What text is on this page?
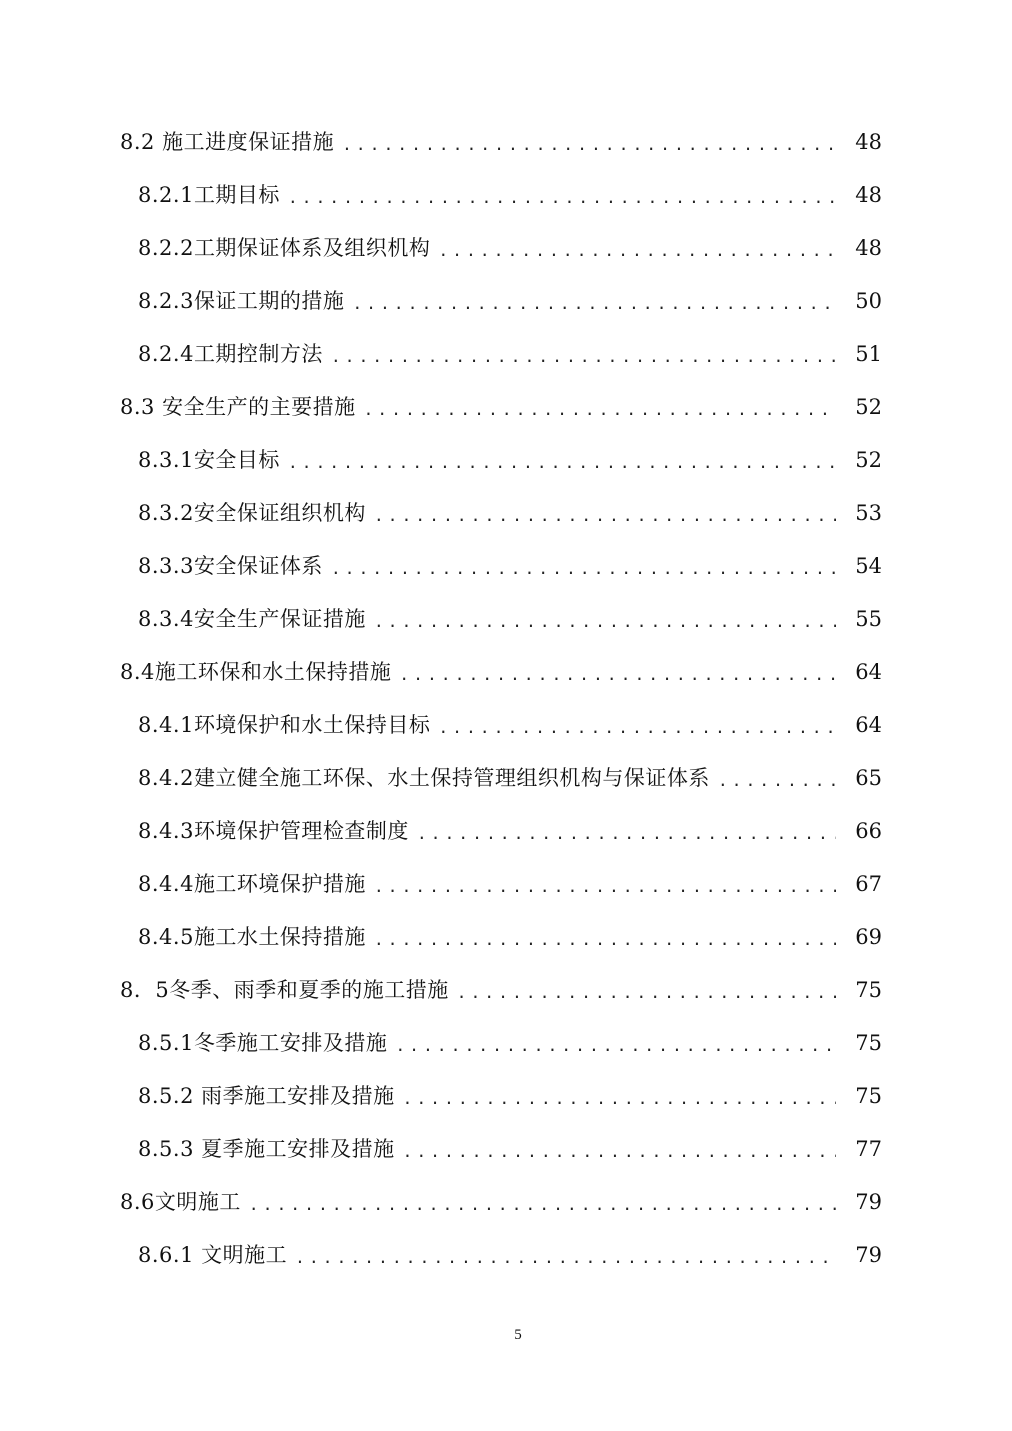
8.2 施工进度保证措施 .....	48
8.2.1工期目标 .....	48
8.2.2工期保证体系及组织机构 .....	48
8.2.3保证工期的措施 .....	50
8.2.4工期控制方法 .....	51
8.3 安全生产的主要措施 .....	52
8.3.1安全目标 .....	52
8.3.2安全保证组织机构 .....	53
8.3.3安全保证体系 .....	54
8.3.4安全生产保证措施 .....	55
8.4施工环保和水土保持措施 .....	64
8.4.1环境保护和水土保持目标 .....	64
8.4.2建立健全施工环保、水土保持管理组织机构与保证体系 .....	65
8.4.3环境保护管理检查制度 .....	66
8.4.4施工环境保护措施 .....	67
8.4.5施工水土保持措施 .....	69
8．5冬季、雨季和夏季的施工措施 .....	75
8.5.1冬季施工安排及措施 .....	75
8.5.2 雨季施工安排及措施 .....	75
8.5.3 夏季施工安排及措施 .....	77
8.6文明施工 .....	79
8.6.1 文明施工 .....	79
5
